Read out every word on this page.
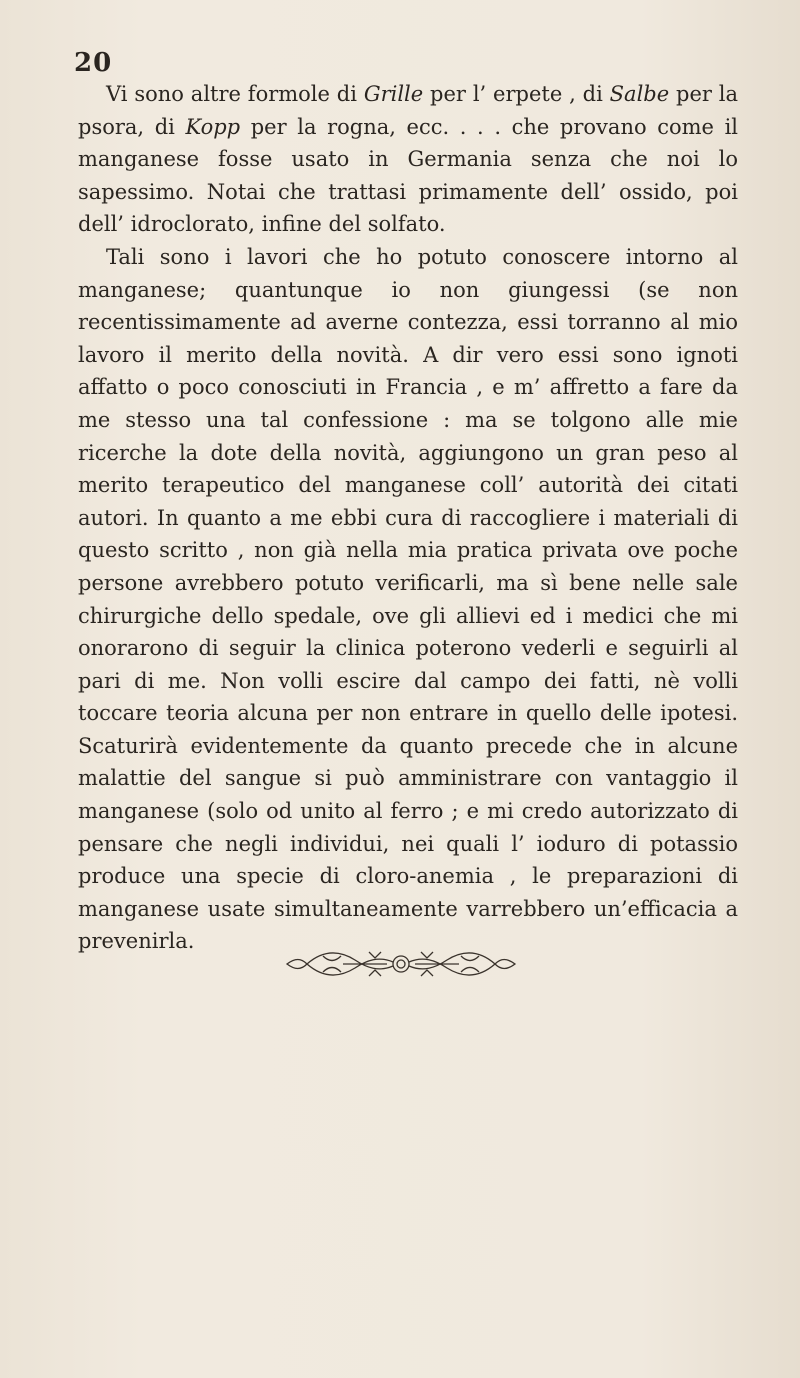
20

Vi sono altre formole di Grille per l’ erpete , di Salbe per la psora, di Kopp per la rogna, ecc. . . . che provano come il manganese fosse usato in Germania senza che noi lo sapessimo. Notai che trattasi primamente dell’ ossido, poi dell’ idroclorato, infine del solfato.

Tali sono i lavori che ho potuto conoscere intorno al manganese; quantunque io non giungessi (se non recentissimamente ad averne contezza, essi torranno al mio lavoro il merito della novità. A dir vero essi sono ignoti affatto o poco conosciuti in Francia , e m’ affretto a fare da me stesso una tal confessione : ma se tolgono alle mie ricerche la dote della novità, aggiungono un gran peso al merito terapeutico del manganese coll’ autorità dei citati autori. In quanto a me ebbi cura di raccogliere i materiali di questo scritto , non già nella mia pratica privata ove poche persone avrebbero potuto verificarli, ma sì bene nelle sale chirurgiche dello spedale, ove gli allievi ed i medici che mi onorarono di seguir la clinica poterono vederli e seguirli al pari di me. Non volli escire dal campo dei fatti, nè volli toccare teoria alcuna per non entrare in quello delle ipotesi. Scaturirà evidentemente da quanto precede che in alcune malattie del sangue si può amministrare con vantaggio il manganese (solo od unito al ferro ; e mi credo autorizzato di pensare che negli individui, nei quali l’ ioduro di potassio produce una specie di cloro-anemia , le preparazioni di manganese usate simultaneamente varrebbero un’efficacia a prevenirla.
